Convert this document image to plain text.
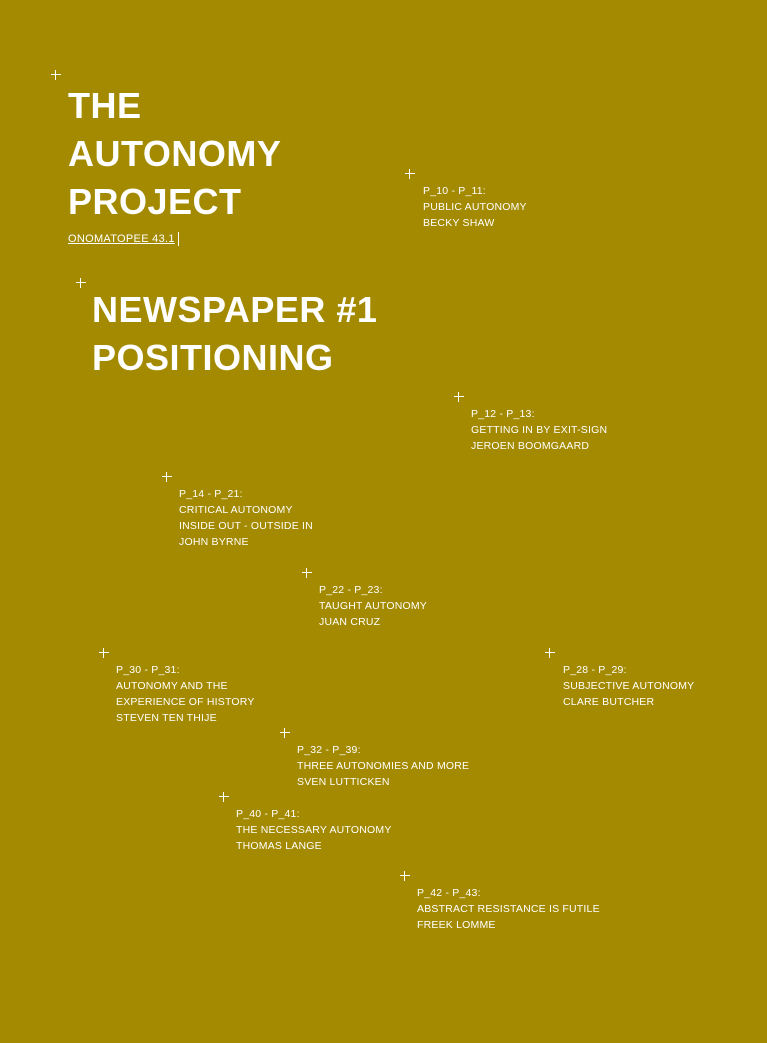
THE
AUTONOMY
PROJECT
ONOMATOPEE 43.1
NEWSPAPER #1
POSITIONING
P_10 - P_11:
PUBLIC AUTONOMY
BECKY SHAW
P_12 - P_13:
GETTING IN BY EXIT-SIGN
JEROEN BOOMGAARD
P_14 - P_21:
CRITICAL AUTONOMY
INSIDE OUT - OUTSIDE IN
JOHN BYRNE
P_22 - P_23:
TAUGHT AUTONOMY
JUAN CRUZ
P_30 - P_31:
AUTONOMY AND THE
EXPERIENCE OF HISTORY
STEVEN TEN THIJE
P_28 - P_29:
SUBJECTIVE AUTONOMY
CLARE BUTCHER
P_32 - P_39:
THREE AUTONOMIES AND MORE
SVEN LUTTICKEN
P_40 - P_41:
THE NECESSARY AUTONOMY
THOMAS LANGE
P_42 - P_43:
ABSTRACT RESISTANCE IS FUTILE
FREEK LOMME
